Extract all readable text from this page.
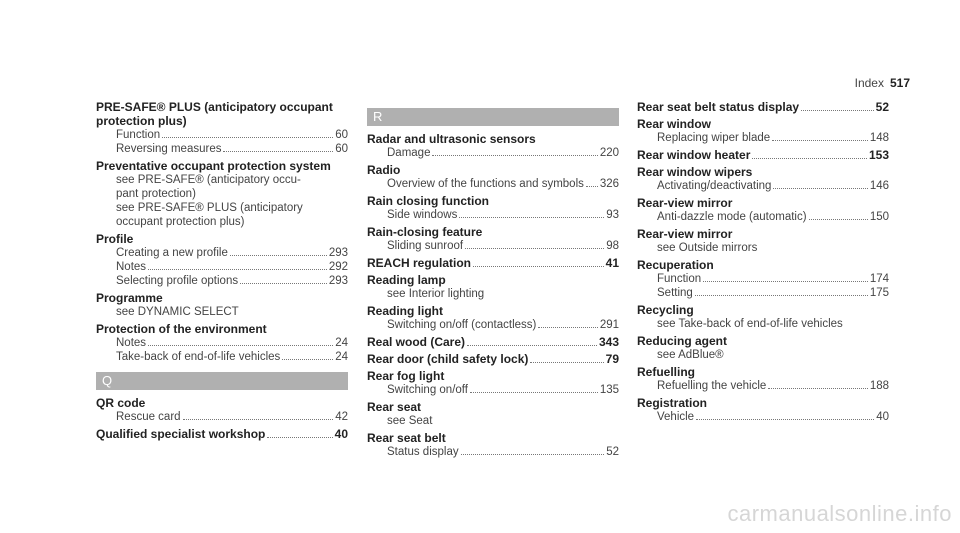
Index 517
PRE-SAFE® PLUS (anticipatory occupant
protection plus)
Function	60
Reversing measures	60
Preventative occupant protection system
see PRE-SAFE® (anticipatory occu-
pant protection)
see PRE-SAFE® PLUS (anticipatory
occupant protection plus)
Profile
Creating a new profile	293
Notes	292
Selecting profile options	293
Programme
see DYNAMIC SELECT
Protection of the environment
Notes	24
Take-back of end-of-life vehicles	24
Q
QR code
Rescue card	42
Qualified specialist workshop	40
R
Radar and ultrasonic sensors
Damage	220
Radio
Overview of the functions and symbols 326
Rain closing function
Side windows	93
Rain-closing feature
Sliding sunroof	98
REACH regulation	41
Reading lamp
see Interior lighting
Reading light
Switching on/off (contactless)	291
Real wood (Care)	343
Rear door (child safety lock)	79
Rear fog light
Switching on/off	135
Rear seat
see Seat
Rear seat belt
Status display	52
Rear seat belt status display	52
Rear window
Replacing wiper blade	148
Rear window heater	153
Rear window wipers
Activating/deactivating	146
Rear-view mirror
Anti-dazzle mode (automatic)	150
Rear-view mirror
see Outside mirrors
Recuperation
Function	174
Setting	175
Recycling
see Take-back of end-of-life vehicles
Reducing agent
see AdBlue®
Refuelling
Refuelling the vehicle	188
Registration
Vehicle	40
carmanualsonline.info
